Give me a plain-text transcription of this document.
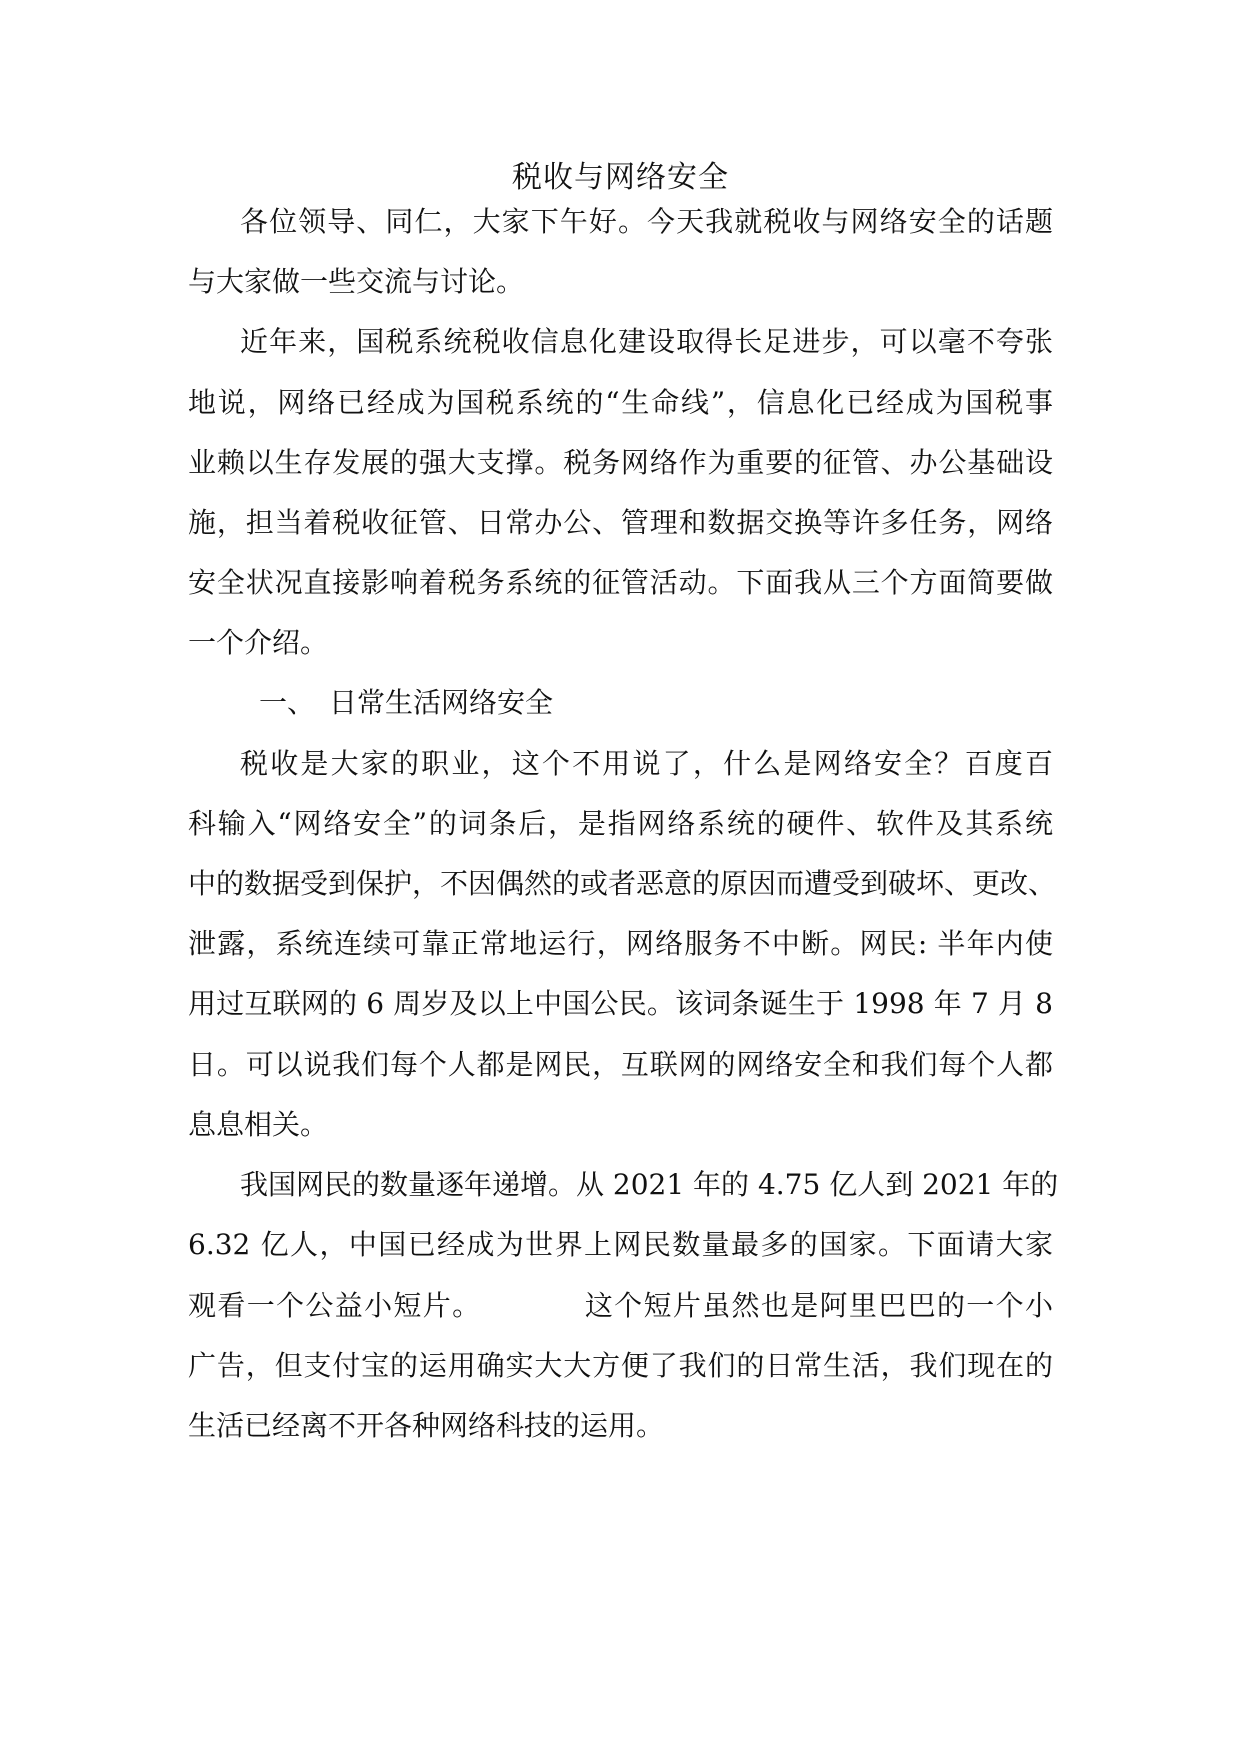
税收与网络安全
各位领导、同仁，大家下午好。今天我就税收与网络安全的话题
与大家做一些交流与讨论。
近年来，国税系统税收信息化建设取得长足进步，可以毫不夸张
地说，网络已经成为国税系统的“生命线”，信息化已经成为国税事
业赖以生存发展的强大支撑。税务网络作为重要的征管、办公基础设
施，担当着税收征管、日常办公、管理和数据交换等许多任务，网络
安全状况直接影响着税务系统的征管活动。下面我从三个方面简要做
一个介绍。
一、　日常生活网络安全
税收是大家的职业，这个不用说了，什么是网络安全？百度百
科输入“网络安全”的词条后，是指网络系统的硬件、软件及其系统
中的数据受到保护，不因偶然的或者恶意的原因而遭受到破坏、更改、
泄露，系统连续可靠正常地运行，网络服务不中断。网民: 半年内使
用过互联网的 6 周岁及以上中国公民。该词条诞生于 1998 年 7 月 8
日。可以说我们每个人都是网民，互联网的网络安全和我们每个人都
息息相关。
我国网民的数量逐年递增。从 2021 年的 4.75 亿人到 2021 年的
6.32 亿人，中国已经成为世界上网民数量最多的国家。下面请大家
观看一个公益小短片。　　　　这个短片虽然也是阿里巴巴的一个小
广告，但支付宝的运用确实大大方便了我们的日常生活，我们现在的
生活已经离不开各种网络科技的运用。
